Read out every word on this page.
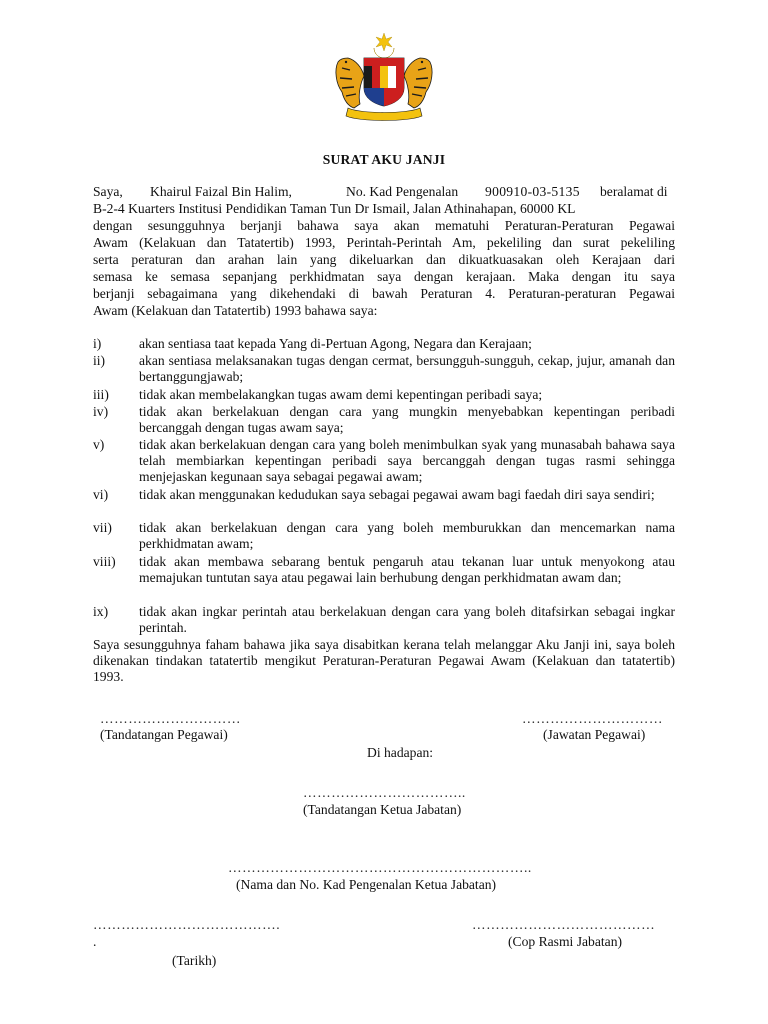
SURAT AKU JANJI
Saya, Khairul Faizal Bin Halim,	No. Kad Pengenalan 900910-03-5135 beralamat di
B-2-4 Kuarters Institusi Pendidikan Taman Tun Dr Ismail, Jalan Athinahapan, 60000 KL
dengan sesungguhnya berjanji bahawa saya akan mematuhi Peraturan-Peraturan Pegawai
Awam (Kelakuan dan Tatatertib) 1993, Perintah-Perintah Am, pekeliling dan surat pekeliling
serta peraturan dan arahan lain yang dikeluarkan dan dikuatkuasakan oleh Kerajaan dari
semasa ke semasa sepanjang perkhidmatan saya dengan kerajaan. Maka dengan itu saya
berjanji sebagaimana yang dikehendaki di bawah Peraturan 4. Peraturan-peraturan Pegawai
Awam (Kelakuan dan Tatatertib) 1993 bahawa saya:
i)	akan sentiasa taat kepada Yang di-Pertuan Agong, Negara dan Kerajaan;
ii) akan sentiasa melaksanakan tugas dengan cermat, bersungguh-sungguh, cekap, jujur, amanah dan bertanggungjawab;
iii) tidak akan membelakangkan tugas awam demi kepentingan peribadi saya;
iv) tidak akan berkelakuan dengan cara yang mungkin menyebabkan kepentingan peribadi bercanggah dengan tugas awam saya;
v)	tidak akan berkelakuan dengan cara yang boleh menimbulkan syak yang munasabah bahawa saya telah membiarkan kepentingan peribadi saya bercanggah dengan tugas rasmi sehingga menjejaskan kegunaan saya sebagai pegawai awam;
vi) tidak akan menggunakan kedudukan saya sebagai pegawai awam bagi faedah diri saya sendiri;
vii) tidak akan berkelakuan dengan cara yang boleh memburukkan dan mencemarkan nama perkhidmatan awam;
viii) tidak akan membawa sebarang bentuk pengaruh atau tekanan luar untuk menyokong atau memajukan tuntutan saya atau pegawai lain berhubung dengan perkhidmatan awam dan;
ix) tidak akan ingkar perintah atau berkelakuan dengan cara yang boleh ditafsirkan sebagai ingkar perintah.
Saya sesungguhnya faham bahawa jika saya disabitkan kerana telah melanggar Aku Janji ini, saya boleh dikenakan tindakan tatatertib mengikut Peraturan-Peraturan Pegawai Awam (Kelakuan dan tatatertib) 1993.
…………………………	…………………………
(Tandatangan Pegawai)	(Jawatan Pegawai)
Di hadapan:
……………………………..
(Tandatangan Ketua Jabatan)
………………………………………………………..
(Nama dan No. Kad Pengenalan Ketua Jabatan)
………………………………….	…………………………………
.	(Cop Rasmi Jabatan)
(Tarikh)
